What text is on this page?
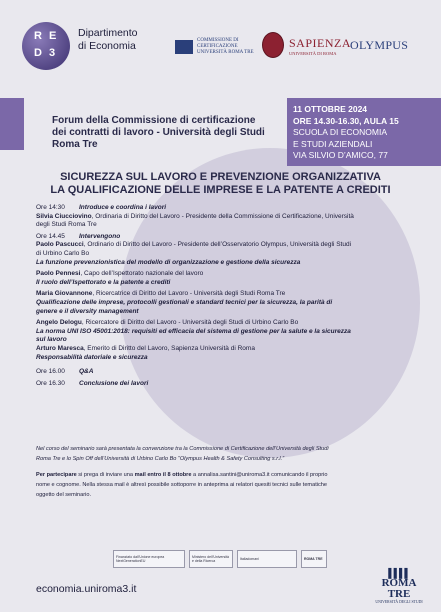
R E
D 3
Dipartimento
di Economia	COMMISSIONE DI
CERTIFICAZIONE
UNIVERSITÀ ROMA TRE
SAPIENZA
UNIVERSITÀ DI ROMA
OLYMPUS
Forum della Commissione di certificazione
dei contratti di lavoro - Università degli Studi
Roma Tre
11 OTTOBRE 2024
ORE 14.30-16.30, AULA 15
SCUOLA DI ECONOMIA
E STUDI AZIENDALI
VIA SILVIO D’AMICO, 77
SICUREZZA SUL LAVORO E PREVENZIONE ORGANIZZATIVA
LA QUALIFICAZIONE DELLE IMPRESE E LA PATENTE A CREDITI
Ore 14:30 Introduce e coordina i lavori
Silvia Ciucciovino, Ordinaria di Diritto del Lavoro - Presidente della Commissione di Certificazione, Università
degli Studi Roma Tre
Ore 14.45 Intervengono
Paolo Pascucci, Ordinario di Diritto del Lavoro - Presidente dell’Osservatorio Olympus, Università degli Studi
di Urbino Carlo Bo
La funzione prevenzionistica del modello di organizzazione e gestione della sicurezza
Paolo Pennesi, Capo dell’Ispettorato nazionale del lavoro
Il ruolo dell’Ispettorato e la patente a crediti
Maria Giovannone, Ricercatrice di Diritto del Lavoro - Università degli Studi Roma Tre
Qualificazione delle imprese, protocolli gestionali e standard tecnici per la sicurezza, la parità di
genere e il diversity management
Angelo Delogu, Ricercatore di Diritto del Lavoro - Università degli Studi di Urbino Carlo Bo
La norma UNI ISO 45001:2018: requisiti ed efficacia del sistema di gestione per la salute e la sicurezza
sul lavoro
Arturo Maresca, Emerito di Diritto del Lavoro, Sapienza Università di Roma
Responsabilità datoriale e sicurezza
Ore 16.00 Q&A
Ore 16.30 Conclusione dei lavori
Nel corso del seminario sarà presentata la convenzione tra la Commissione di Certificazione dell’Università degli Studi
Roma Tre e lo Spin Off dell’Università di Urbino Carlo Bo “Olympus Health & Safety Consulting s.r.l.”
Per partecipare si prega di inviare una mail entro il 8 ottobre a annalisa.santini@uniroma3.it comunicando il proprio
nome e cognome. Nella stessa mail è altresì possibile sottoporre in anteprima ai relatori quesiti tecnici sulle tematiche
oggetto del seminario.
Finanziato dall’Unione europea NextGenerationEU
Ministero dell’Università e della Ricerca	Italiadomani	ROMA TRE
economia.uniroma3.it
▌▌▌▌
ROMA TRE
UNIVERSITÀ DEGLI STUDI
